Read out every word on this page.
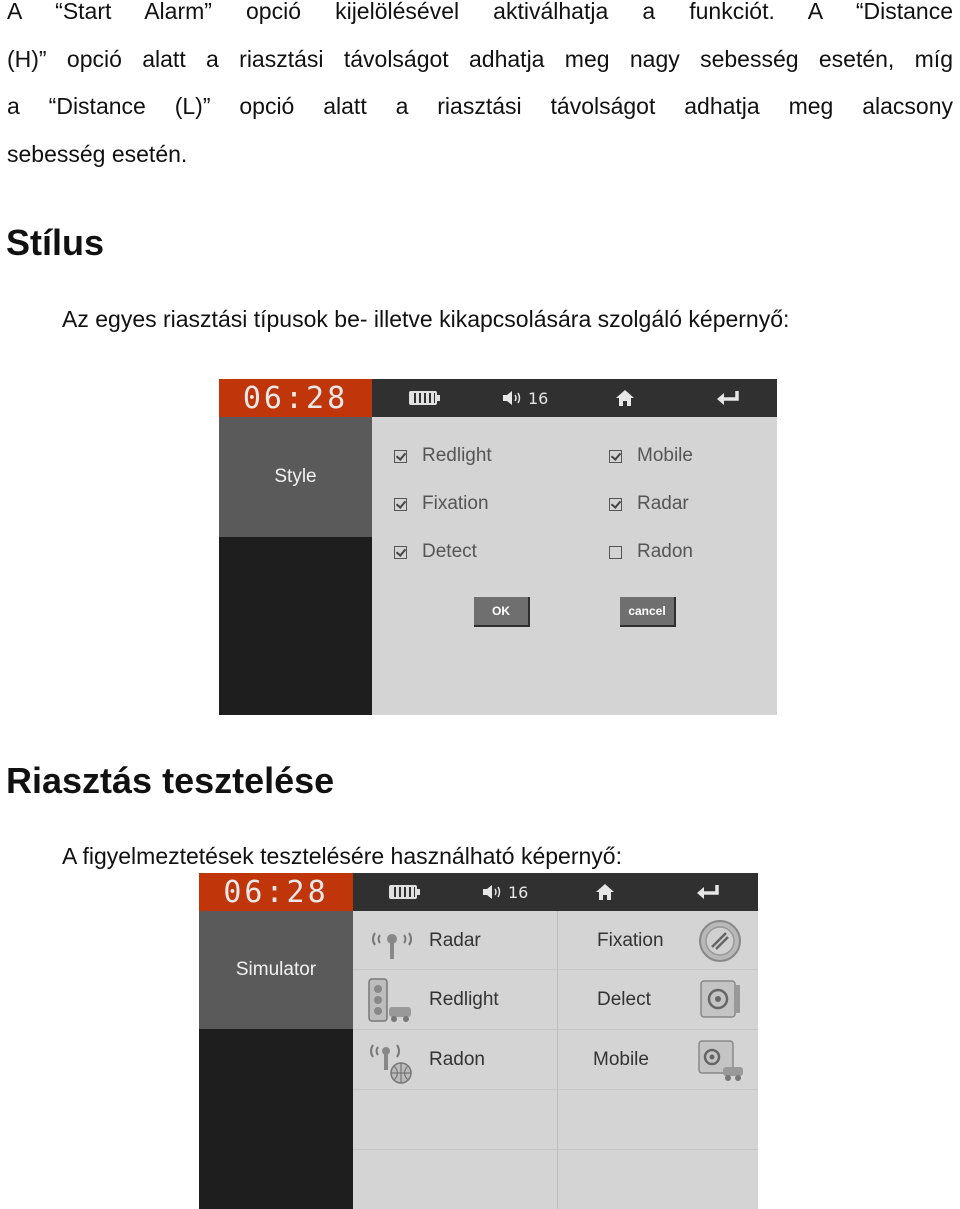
A “Start Alarm” opció kijelölésével aktiválhatja a funkciót. A “Distance
(H)” opció alatt a riasztási távolságot adhatja meg nagy sebesség esetén, míg
a “Distance (L)” opció alatt a riasztási távolságot adhatja meg alacsony
sebesség esetén.
Stílus
Az egyes riasztási típusok be- illetve kikapcsolására szolgáló képernyő:
06:28	16
Style
Redlight	Mobile
Fixation	Radar
Detect	Radon
OK	cancel
Riasztás tesztelése
A figyelmeztetések tesztelésére használható képernyő:
06:28	16
Simulator
Radar	Fixation
Redlight	Delect
Radon	Mobile
